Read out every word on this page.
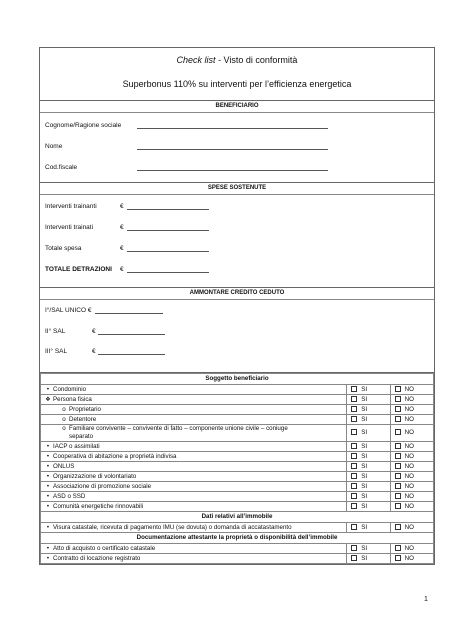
Check list - Visto di conformità
Superbonus 110% su interventi per l’efficienza energetica
BENEFICIARIO
Cognome/Ragione sociale
Nome
Cod.fiscale
SPESE SOSTENUTE
Interventi trainanti	€
Interventi trainati	€
Totale spesa	€
TOTALE DETRAZIONI €
AMMONTARE CREDITO CEDUTO
I°/SAL UNICO €
II° SAL	€
III° SAL	€
Soggetto beneficiario		
• Condominio	SI	NO
❖ Persona fisica	SI	NO
o Proprietario	SI	NO
o Detentore	SI	NO
o Familiare convivente – convivente di fatto – componente unione civile – coniuge
separato	SI	NO
• IACP o assimilati	SI	NO
• Cooperativa di abitazione a proprietà indivisa	SI	NO
• ONLUS	SI	NO
• Organizzazione di volontariato	SI	NO
• Associazione di promozione sociale	SI	NO
• ASD o SSD	SI	NO
• Comunità energetiche rinnovabili	SI	NO
Dati relativi all’immobile		
• Visura catastale, ricevuta di pagamento IMU (se dovuta) o domanda di accatastamento	SI	NO
Documentazione attestante la proprietà o disponibilità dell’immobile		
• Atto di acquisto o certificato catastale	SI	NO
• Contratto di locazione registrato	SI	NO
1
